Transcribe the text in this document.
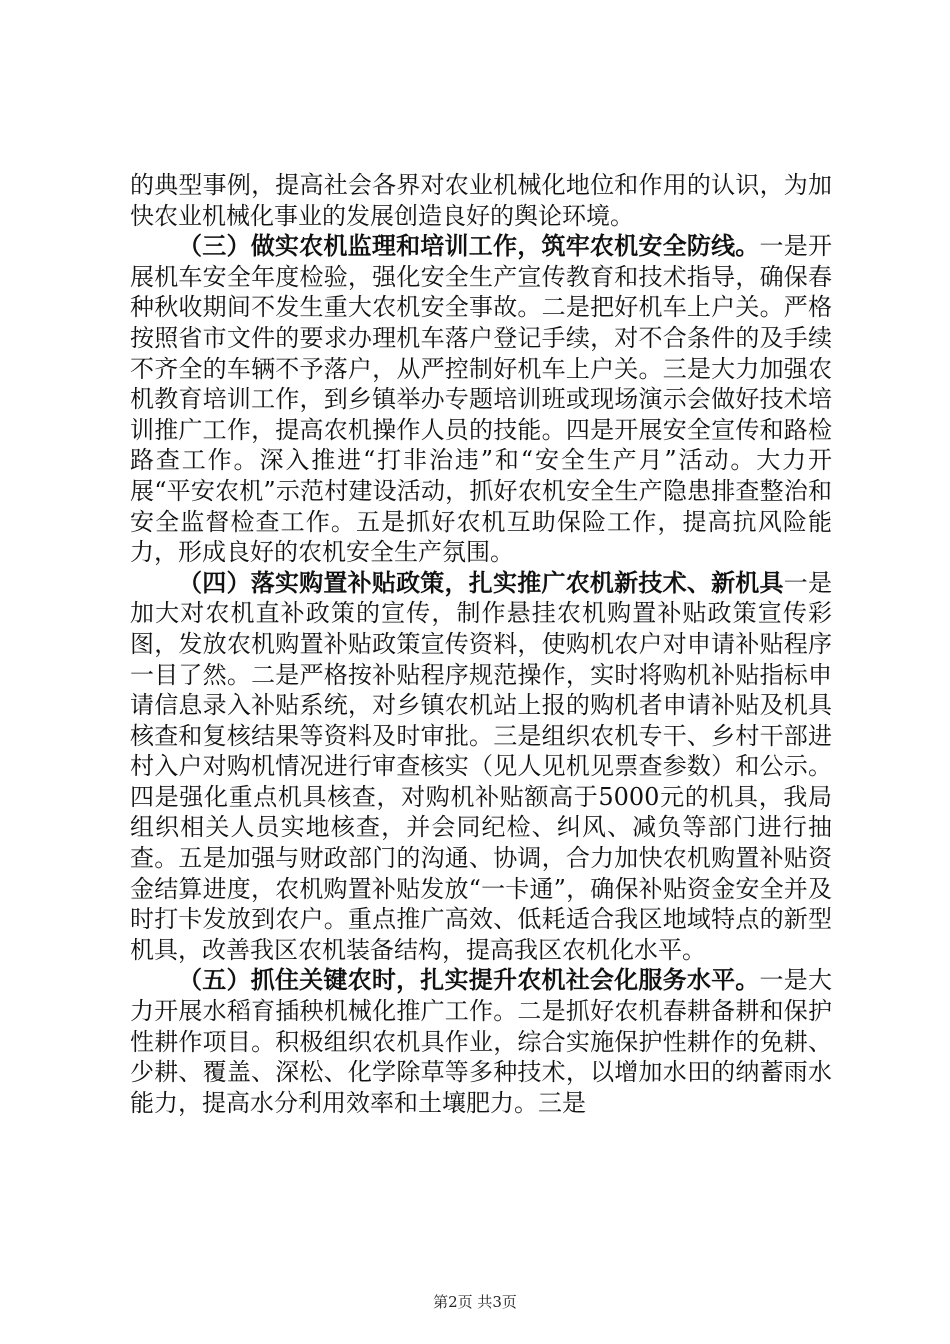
的典型事例，提高社会各界对农业机械化地位和作用的认识，为加快农业机械化事业的发展创造良好的舆论环境。

（三）做实农机监理和培训工作，筑牢农机安全防线。一是开展机车安全年度检验，强化安全生产宣传教育和技术指导，确保春种秋收期间不发生重大农机安全事故。二是把好机车上户关。严格按照省市文件的要求办理机车落户登记手续，对不合条件的及手续不齐全的车辆不予落户，从严控制好机车上户关。三是大力加强农机教育培训工作，到乡镇举办专题培训班或现场演示会做好技术培训推广工作，提高农机操作人员的技能。四是开展安全宣传和路检路查工作。深入推进“打非治违”和“安全生产月”活动。大力开展“平安农机”示范村建设活动，抓好农机安全生产隐患排查整治和安全监督检查工作。五是抓好农机互助保险工作，提高抗风险能力，形成良好的农机安全生产氛围。

（四）落实购置补贴政策，扎实推广农机新技术、新机具一是加大对农机直补政策的宣传，制作悬挂农机购置补贴政策宣传彩图，发放农机购置补贴政策宣传资料，使购机农户对申请补贴程序一目了然。二是严格按补贴程序规范操作，实时将购机补贴指标申请信息录入补贴系统，对乡镇农机站上报的购机者申请补贴及机具核查和复核结果等资料及时审批。三是组织农机专干、乡村干部进村入户对购机情况进行审查核实（见人见机见票查参数）和公示。四是强化重点机具核查，对购机补贴额高于5000元的机具，我局组织相关人员实地核查，并会同纪检、纠风、减负等部门进行抽查。五是加强与财政部门的沟通、协调，合力加快农机购置补贴资金结算进度，农机购置补贴发放“一卡通”，确保补贴资金安全并及时打卡发放到农户。重点推广高效、低耗适合我区地域特点的新型机具，改善我区农机装备结构，提高我区农机化水平。

（五）抓住关键农时，扎实提升农机社会化服务水平。一是大力开展水稻育插秧机械化推广工作。二是抓好农机春耕备耕和保护性耕作项目。积极组织农机具作业，综合实施保护性耕作的免耕、少耕、覆盖、深松、化学除草等多种技术，以增加水田的纳蓄雨水能力，提高水分利用效率和土壤肥力。三是

第2页 共3页
